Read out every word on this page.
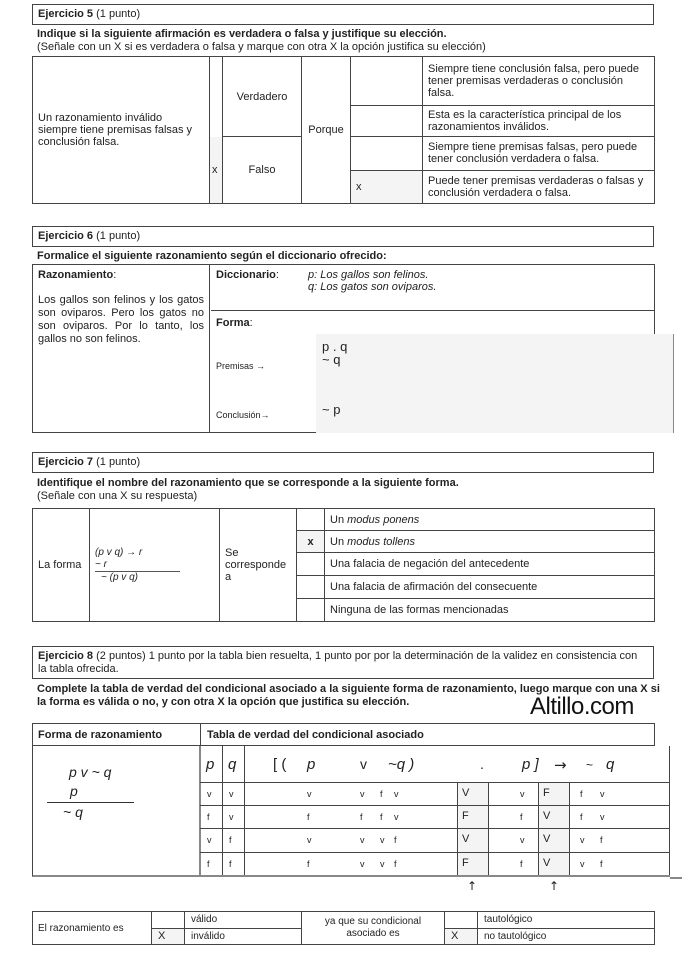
Ejercicio 5 (1 punto)
Indique si la siguiente afirmación es verdadera o falsa y justifique su elección.
(Señale con un X si es verdadera o falsa y marque con otra X la opción justifica su elección)
Un razonamiento inválido siempre tiene premisas falsas y conclusión falsa.		Verdadero	Porque		Siempre tiene conclusión falsa, pero puede tener premisas verdaderas o conclusión falsa.
					Esta es la característica principal de los razonamientos inválidos.
	x	Falso			Siempre tiene premisas falsas, pero puede tener conclusión verdadera o falsa.
				x	Puede tener premisas verdaderas o falsas y conclusión verdadera o falsa.
Ejercicio 6 (1 punto)
Formalice el siguiente razonamiento según el diccionario ofrecido:
Razonamiento:
Los gallos son felinos y los gatos son oviparos. Pero los gatos no son oviparos. Por lo tanto, los gallos no son felinos.
Diccionario:	p: Los gallos son felinos.
q: Los gatos son oviparos.
Forma:
p . q
~ q
~ p
Premisas →
Conclusión→
Ejercicio 7 (1 punto)
Identifique el nombre del razonamiento que se corresponde a la siguiente forma.
(Señale con una X su respuesta)
La forma	(p v q) → r
~ r
~ (p v q)	Se corresponde a		Un modus ponens
			x	Un modus tollens
				Una falacia de negación del antecedente
				Una falacia de afirmación del consecuente
				Ninguna de las formas mencionadas
Ejercicio 8 (2 puntos) 1 punto por la tabla bien resuelta, 1 punto por por la determinación de la validez en consistencia con la tabla ofrecida.
Complete la tabla de verdad del condicional asociado a la siguiente forma de razonamiento, luego marque con una X si la forma es válida o no, y con otra X la opción que justifica su elección.	Altillo.com
Forma de razonamiento	Tabla de verdad del condicional asociado
p v ~ q
p
~ q
p q [ ( p	v ~q )	.	p ] → ~ q
v v	v	v f v	V	v F	f v
f v	f	f f v	F	f V	f v
v f	v	v v f	V	v V	v f
f f	f	v v f	F	f V	v f
↑	↑
El razonamiento es		válido	ya que su condicional asociado es		tautológico
	X	inválido		X	no tautológico
